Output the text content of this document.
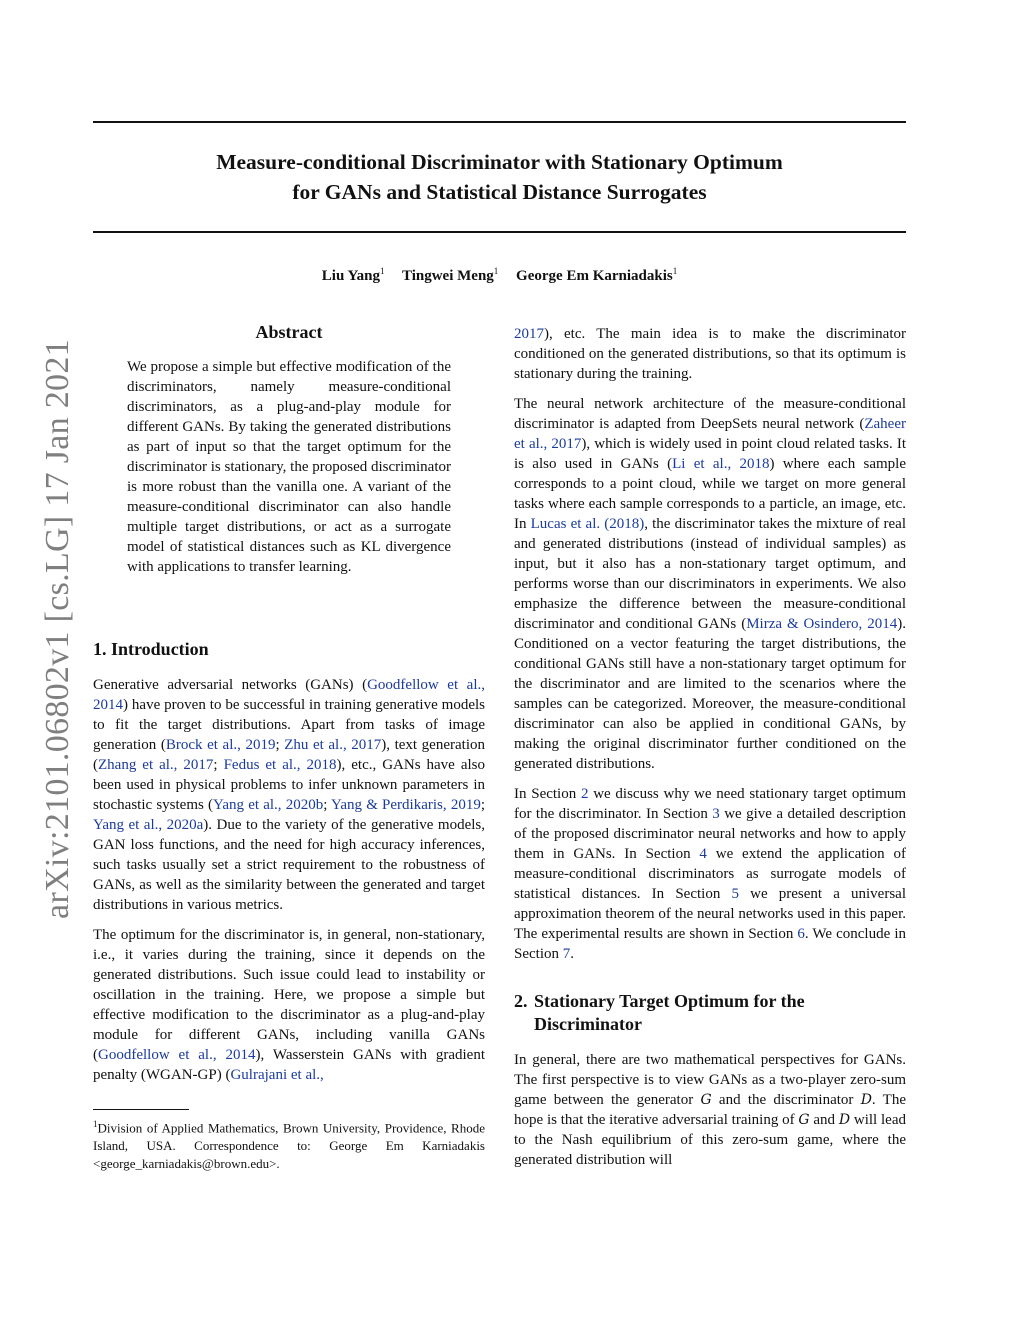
arXiv:2101.06802v1 [cs.LG] 17 Jan 2021
Measure-conditional Discriminator with Stationary Optimum
for GANs and Statistical Distance Surrogates
Liu Yang$^1$ Tingwei Meng$^1$ George Em Karniadakis$^1$
Abstract
We propose a simple but effective modification of the discriminators, namely measure-conditional discriminators, as a plug-and-play module for different GANs. By taking the generated distributions as part of input so that the target optimum for the discriminator is stationary, the proposed discriminator is more robust than the vanilla one. A variant of the measure-conditional discriminator can also handle multiple target distributions, or act as a surrogate model of statistical distances such as KL divergence with applications to transfer learning.
1. Introduction

Generative adversarial networks (GANs) (Goodfellow et al., 2014) have proven to be successful in training generative models to fit the target distributions. Apart from tasks of image generation (Brock et al., 2019; Zhu et al., 2017), text generation (Zhang et al., 2017; Fedus et al., 2018), etc., GANs have also been used in physical problems to infer unknown parameters in stochastic systems (Yang et al., 2020b; Yang & Perdikaris, 2019; Yang et al., 2020a). Due to the variety of the generative models, GAN loss functions, and the need for high accuracy inferences, such tasks usually set a strict requirement to the robustness of GANs, as well as the similarity between the generated and target distributions in various metrics.

The optimum for the discriminator is, in general, non-stationary, i.e., it varies during the training, since it depends on the generated distributions. Such issue could lead to instability or oscillation in the training. Here, we propose a simple but effective modification to the discriminator as a plug-and-play module for different GANs, including vanilla GANs (Goodfellow et al., 2014), Wasserstein GANs with gradient penalty (WGAN-GP) (Gulrajani et al.,

$^1$Division of Applied Mathematics, Brown University, Providence, Rhode Island, USA. Correspondence to: George Em Karniadakis <george_karniadakis@brown.edu>.

2017), etc. The main idea is to make the discriminator conditioned on the generated distributions, so that its optimum is stationary during the training.

The neural network architecture of the measure-conditional discriminator is adapted from DeepSets neural network (Zaheer et al., 2017), which is widely used in point cloud related tasks. It is also used in GANs (Li et al., 2018) where each sample corresponds to a point cloud, while we target on more general tasks where each sample corresponds to a particle, an image, etc. In Lucas et al. (2018), the discriminator takes the mixture of real and generated distributions (instead of individual samples) as input, but it also has a non-stationary target optimum, and performs worse than our discriminators in experiments. We also emphasize the difference between the measure-conditional discriminator and conditional GANs (Mirza & Osindero, 2014). Conditioned on a vector featuring the target distributions, the conditional GANs still have a non-stationary target optimum for the discriminator and are limited to the scenarios where the samples can be categorized. Moreover, the measure-conditional discriminator can also be applied in conditional GANs, by making the original discriminator further conditioned on the generated distributions.

In Section 2 we discuss why we need stationary target optimum for the discriminator. In Section 3 we give a detailed description of the proposed discriminator neural networks and how to apply them in GANs. In Section 4 we extend the application of measure-conditional discriminators as surrogate models of statistical distances. In Section 5 we present a universal approximation theorem of the neural networks used in this paper. The experimental results are shown in Section 6. We conclude in Section 7.

2. Stationary Target Optimum for the
Discriminator

In general, there are two mathematical perspectives for GANs. The first perspective is to view GANs as a two-player zero-sum game between the generator G and the discriminator D. The hope is that the iterative adversarial training of G and D will lead to the Nash equilibrium of this zero-sum game, where the generated distribution will
